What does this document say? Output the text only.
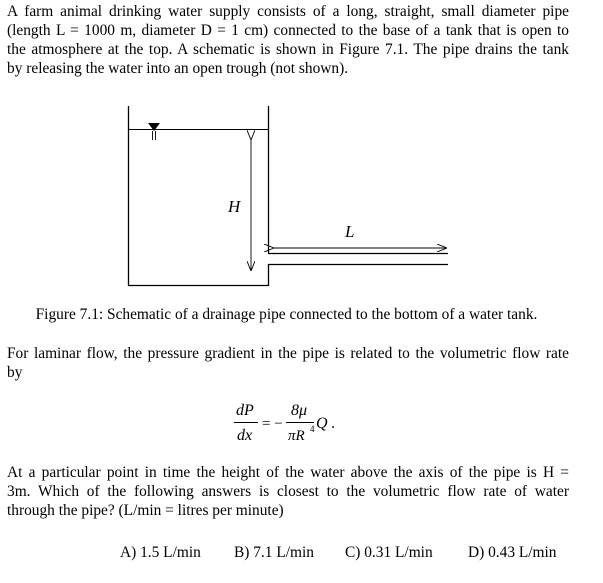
A farm animal drinking water supply consists of a long, straight, small diameter pipe
(length L = 1000 m, diameter D = 1 cm) connected to the base of a tank that is open to
the atmosphere at the top. A schematic is shown in Figure 7.1. The pipe drains the tank
by releasing the water into an open trough (not shown).
H
L
Figure 7.1: Schematic of a drainage pipe connected to the bottom of a water tank.
For laminar flow, the pressure gradient in the pipe is related to the volumetric flow rate
by
dP
dx
= −
8μ
πR 4 Q .
At a particular point in time the height of the water above the axis of the pipe is H =
3m. Which of the following answers is closest to the volumetric flow rate of water
through the pipe? (L/min = litres per minute)
A) 1.5 L/min B) 7.1 L/min C) 0.31 L/min D) 0.43 L/min
